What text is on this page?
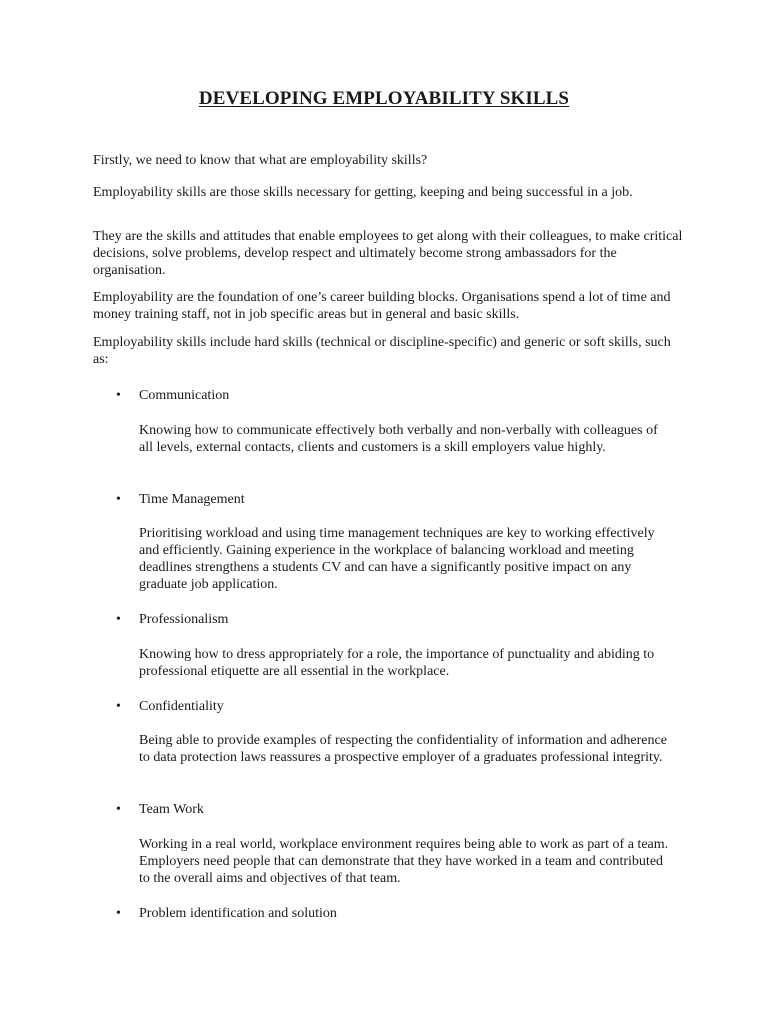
DEVELOPING EMPLOYABILITY SKILLS

Firstly, we need to know that what are employability skills?

Employability skills are those skills necessary for getting, keeping and being successful in a job.

They are the skills and attitudes that enable employees to get along with their colleagues, to make critical decisions, solve problems, develop respect and ultimately become strong ambassadors for the organisation.

Employability are the foundation of one’s career building blocks. Organisations spend a lot of time and money training staff, not in job specific areas but in general and basic skills.

Employability skills include hard skills (technical or discipline-specific) and generic or soft skills, such as:

•	Communication

Knowing how to communicate effectively both verbally and non-verbally with colleagues of all levels, external contacts, clients and customers is a skill employers value highly.

•	Time Management

Prioritising workload and using time management techniques are key to working effectively and efficiently. Gaining experience in the workplace of balancing workload and meeting deadlines strengthens a students CV and can have a significantly positive impact on any graduate job application.

•	Professionalism

Knowing how to dress appropriately for a role, the importance of punctuality and abiding to professional etiquette are all essential in the workplace.

•	Confidentiality

Being able to provide examples of respecting the confidentiality of information and adherence to data protection laws reassures a prospective employer of a graduates professional integrity.

•	Team Work

Working in a real world, workplace environment requires being able to work as part of a team. Employers need people that can demonstrate that they have worked in a team and contributed to the overall aims and objectives of that team.

•	Problem identification and solution
